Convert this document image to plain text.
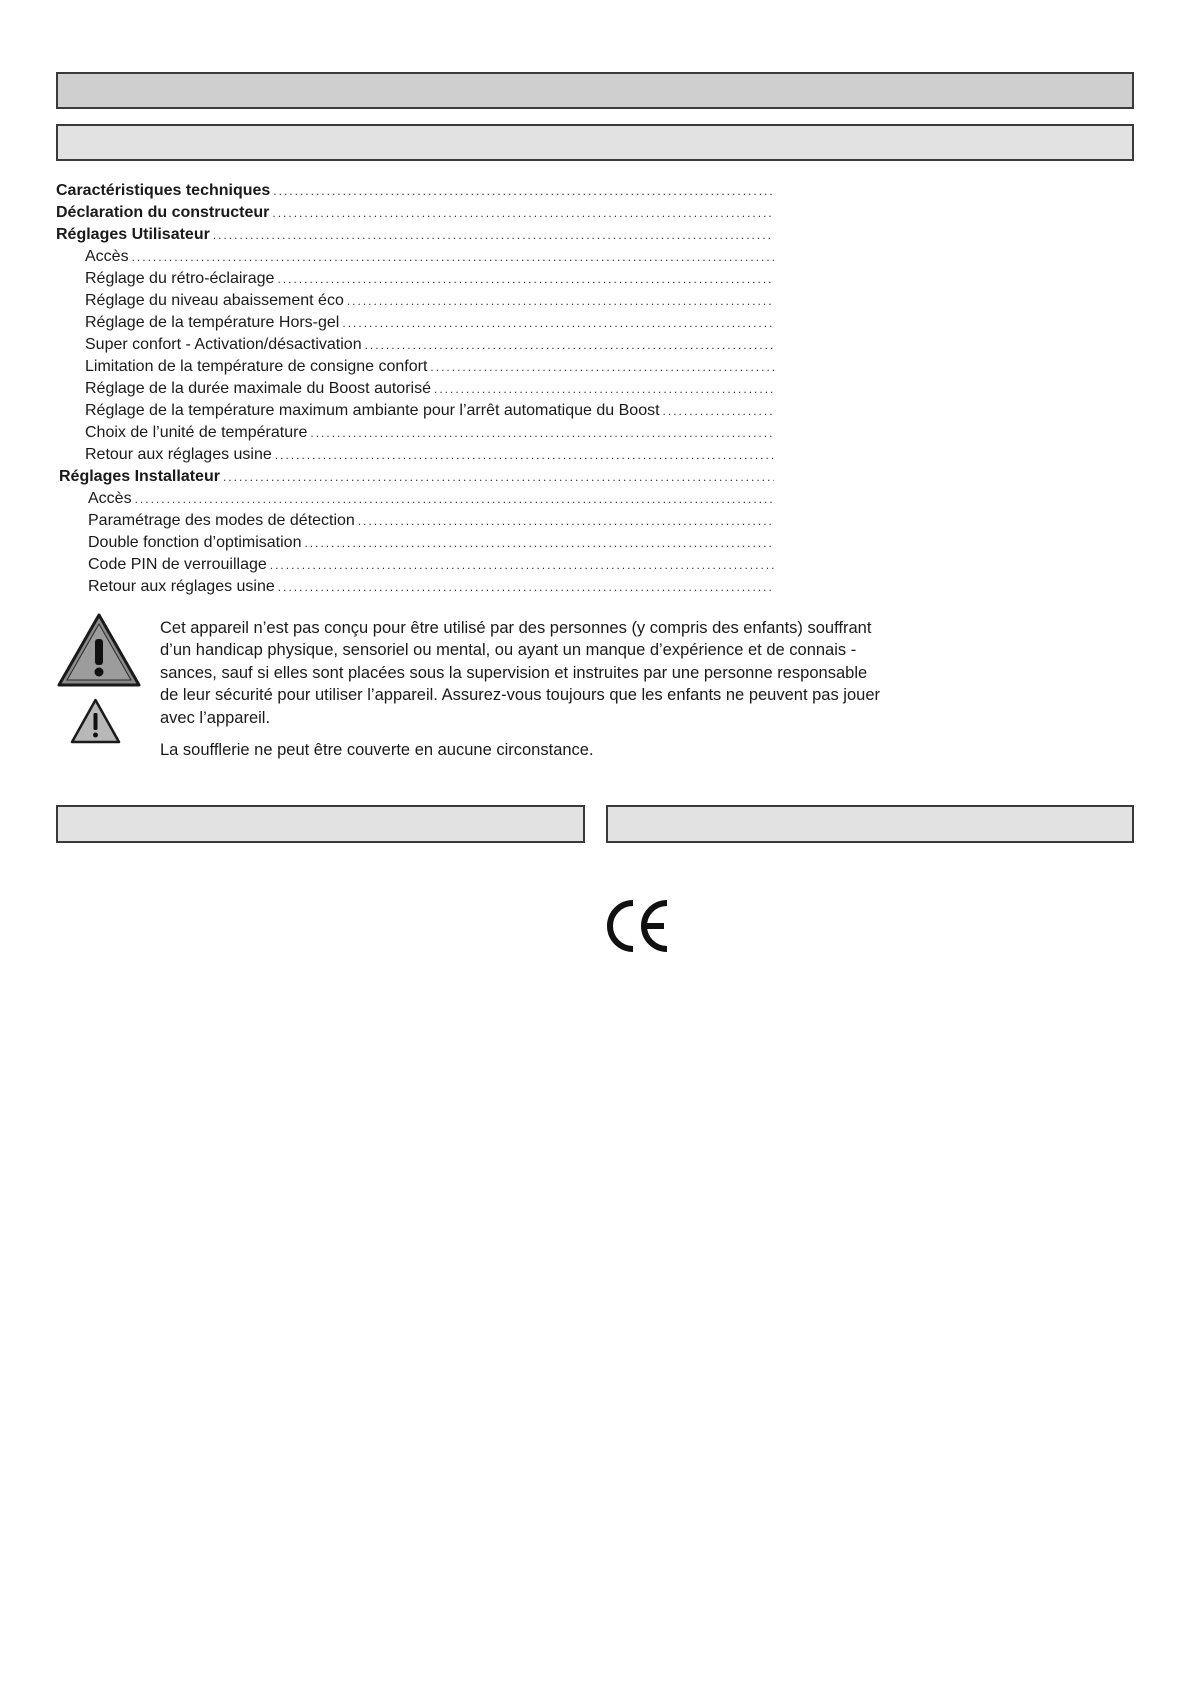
Caractéristiques techniques
.....
Déclaration du constructeur
.....
Réglages Utilisateur
.....
Accès
.....
Réglage du rétro-éclairage
.....
Réglage du niveau abaissement éco
.....
Réglage de la température Hors-gel
.....
Super confort - Activation/désactivation
.....
Limitation de la température de consigne confort
.....
Réglage de la durée maximale du Boost autorisé
.....
Réglage de la température maximum ambiante pour l’arrêt automatique du Boost
.....
Choix de l’unité de température
.....
Retour aux réglages usine
.....
Réglages Installateur
.....
Accès
.....
Paramétrage des modes de détection
.....
Double fonction d’optimisation
.....
Code PIN de verrouillage
.....
Retour aux réglages usine
.....

Cet appareil n’est pas conçu pour être utilisé par des personnes (y compris des enfants) souffrant
d’un handicap physique, sensoriel ou mental, ou ayant un manque d’expérience et de connais -
sances, sauf si elles sont placées sous la supervision et instruites par une personne responsable
de leur sécurité pour utiliser l’appareil. Assurez-vous toujours que les enfants ne peuvent pas jouer
avec l’appareil.

La soufflerie ne peut être couverte en aucune circonstance.
